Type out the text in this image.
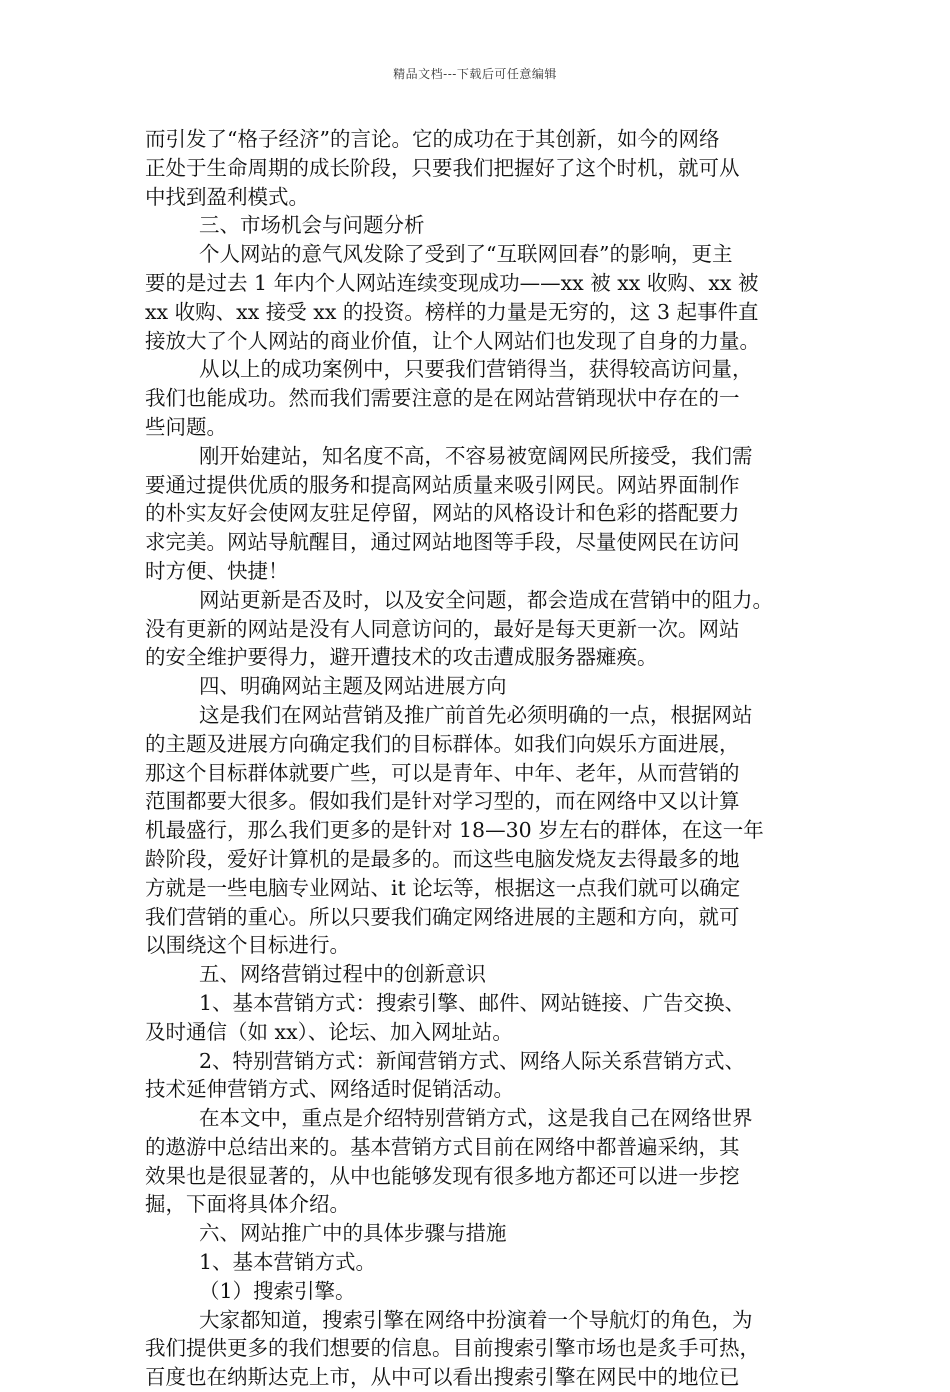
精品文档---下载后可任意编辑
而引发了“格子经济”的言论。它的成功在于其创新，如今的网络
正处于生命周期的成长阶段，只要我们把握好了这个时机，就可从
中找到盈利模式。
三、市场机会与问题分析
个人网站的意气风发除了受到了“互联网回春”的影响，更主
要的是过去 1 年内个人网站连续变现成功——xx 被 xx 收购、xx 被
xx 收购、xx 接受 xx 的投资。榜样的力量是无穷的，这 3 起事件直
接放大了个人网站的商业价值，让个人网站们也发现了自身的力量。
从以上的成功案例中，只要我们营销得当，获得较高访问量，
我们也能成功。然而我们需要注意的是在网站营销现状中存在的一
些问题。
刚开始建站，知名度不高，不容易被宽阔网民所接受，我们需
要通过提供优质的服务和提高网站质量来吸引网民。网站界面制作
的朴实友好会使网友驻足停留，网站的风格设计和色彩的搭配要力
求完美。网站导航醒目，通过网站地图等手段，尽量使网民在访问
时方便、快捷！
网站更新是否及时，以及安全问题，都会造成在营销中的阻力。
没有更新的网站是没有人同意访问的，最好是每天更新一次。网站
的安全维护要得力，避开遭技术的攻击遭成服务器瘫痪。
四、明确网站主题及网站进展方向
这是我们在网站营销及推广前首先必须明确的一点，根据网站
的主题及进展方向确定我们的目标群体。如我们向娱乐方面进展，
那这个目标群体就要广些，可以是青年、中年、老年，从而营销的
范围都要大很多。假如我们是针对学习型的，而在网络中又以计算
机最盛行，那么我们更多的是针对 18—30 岁左右的群体，在这一年
龄阶段，爱好计算机的是最多的。而这些电脑发烧友去得最多的地
方就是一些电脑专业网站、it 论坛等，根据这一点我们就可以确定
我们营销的重心。所以只要我们确定网络进展的主题和方向，就可
以围绕这个目标进行。
五、网络营销过程中的创新意识
1、基本营销方式：搜索引擎、邮件、网站链接、广告交换、
及时通信（如 xx）、论坛、加入网址站。
2、特别营销方式：新闻营销方式、网络人际关系营销方式、
技术延伸营销方式、网络适时促销活动。
在本文中，重点是介绍特别营销方式，这是我自己在网络世界
的遨游中总结出来的。基本营销方式目前在网络中都普遍采纳，其
效果也是很显著的，从中也能够发现有很多地方都还可以进一步挖
掘，下面将具体介绍。
六、网站推广中的具体步骤与措施
1、基本营销方式。
（1）搜索引擎。
大家都知道，搜索引擎在网络中扮演着一个导航灯的角色，为
我们提供更多的我们想要的信息。目前搜索引擎市场也是炙手可热，
百度也在纳斯达克上市，从中可以看出搜索引擎在网民中的地位已
